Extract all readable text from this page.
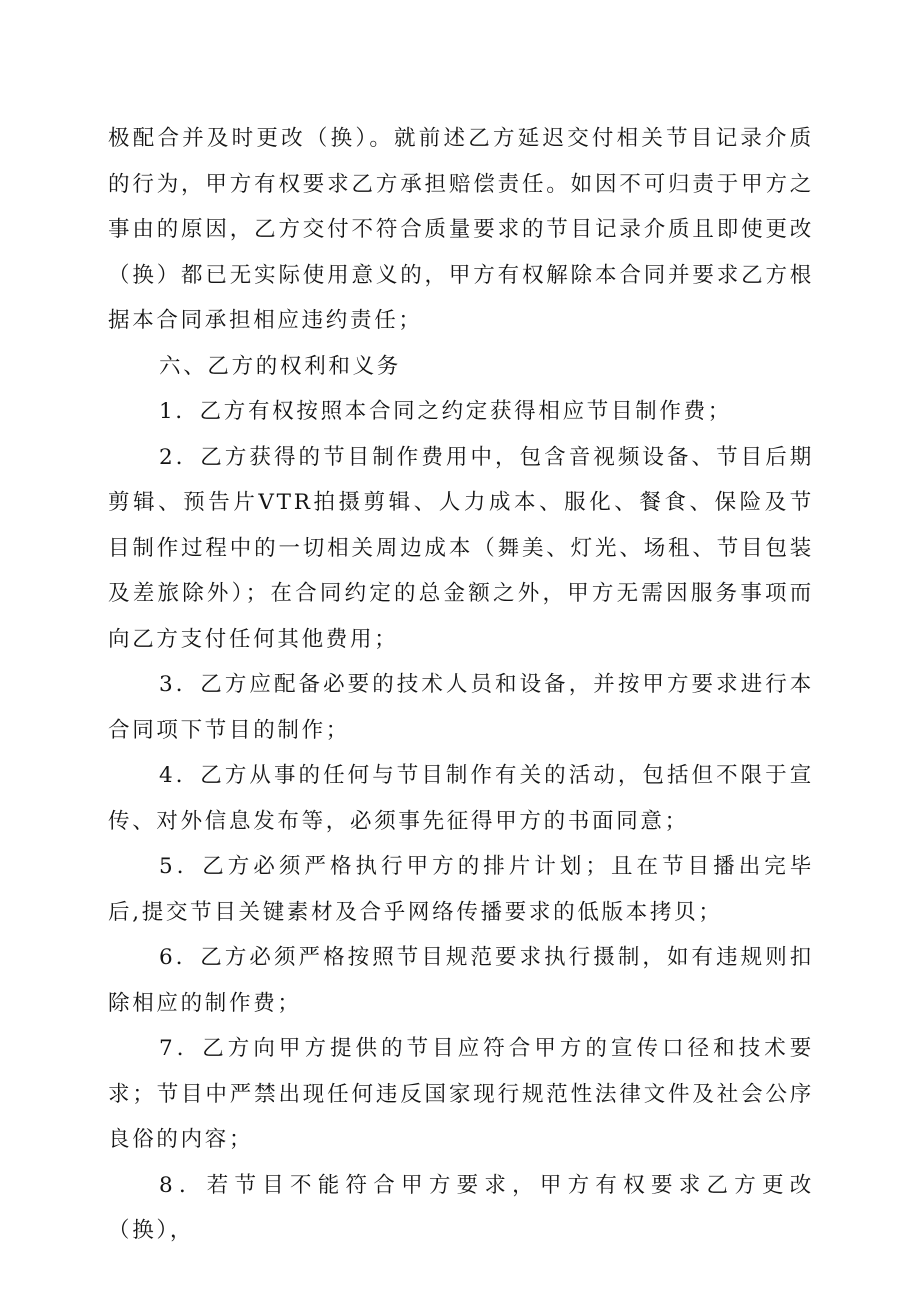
极配合并及时更改（换）。就前述乙方延迟交付相关节目记录介质的行为，甲方有权要求乙方承担赔偿责任。如因不可归责于甲方之事由的原因，乙方交付不符合质量要求的节目记录介质且即使更改（换）都已无实际使用意义的，甲方有权解除本合同并要求乙方根据本合同承担相应违约责任；

六、乙方的权利和义务

1．乙方有权按照本合同之约定获得相应节目制作费；

2．乙方获得的节目制作费用中，包含音视频设备、节目后期剪辑、预告片VTR拍摄剪辑、人力成本、服化、餐食、保险及节目制作过程中的一切相关周边成本（舞美、灯光、场租、节目包装及差旅除外）；在合同约定的总金额之外，甲方无需因服务事项而向乙方支付任何其他费用；

3．乙方应配备必要的技术人员和设备，并按甲方要求进行本合同项下节目的制作；

4．乙方从事的任何与节目制作有关的活动，包括但不限于宣传、对外信息发布等，必须事先征得甲方的书面同意；

5．乙方必须严格执行甲方的排片计划；且在节目播出完毕后,提交节目关键素材及合乎网络传播要求的低版本拷贝；

6．乙方必须严格按照节目规范要求执行摄制，如有违规则扣除相应的制作费；

7．乙方向甲方提供的节目应符合甲方的宣传口径和技术要求；节目中严禁出现任何违反国家现行规范性法律文件及社会公序良俗的内容；

8．若节目不能符合甲方要求，甲方有权要求乙方更改（换），
